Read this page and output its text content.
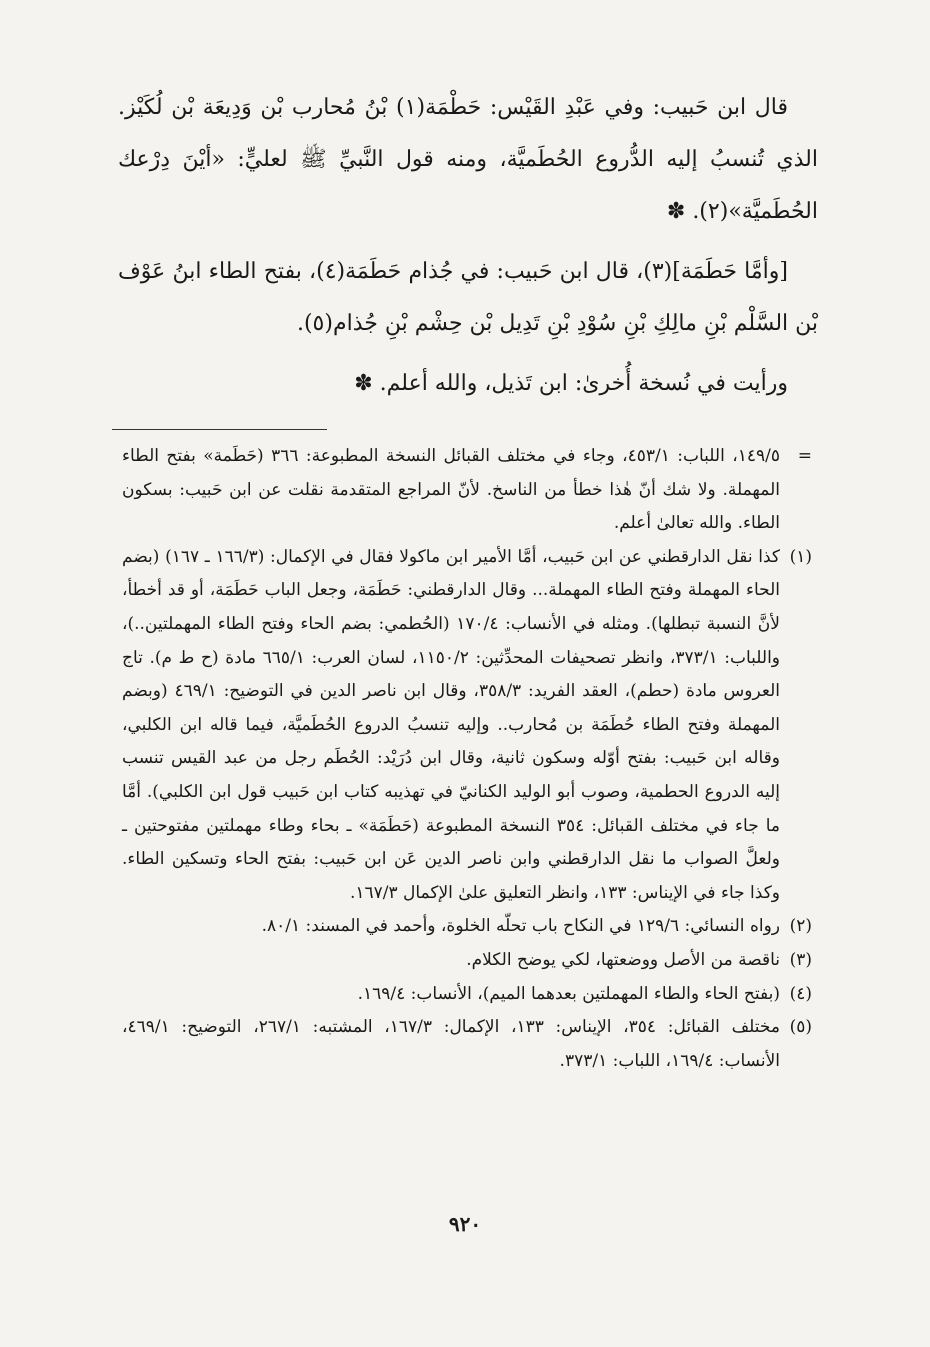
قال ابن حَبيب: وفي عَبْدِ القَيْس: حَطْمَة(١) بْنُ مُحارب بْن وَدِيعَة بْن لُكَيْز. الذي تُنسبُ إليه الدُّروع الحُطَميَّة، ومنه قول النَّبيِّ ﷺ لعليٍّ: «أيْنَ دِرْعك الحُطَميَّة»(٢). ✽

[وأمَّا حَطَمَة](٣)، قال ابن حَبيب: في جُذام حَطَمَة(٤)، بفتح الطاء ابنُ عَوْف بْن السَّلْم بْنِ مالِكِ بْنِ سُوْدِ بْنِ تَدِيل بْن حِشْم بْنِ جُذام(٥).

ورأيت في نُسخة أُخرىٰ: ابن تَذيل، والله أعلم. ✽

=
١٤٩/٥، اللباب: ٤٥٣/١، وجاء في مختلف القبائل النسخة المطبوعة: ٣٦٦ (حَطَمة» بفتح الطاء المهملة. ولا شك أنّ هٰذا خطأ من الناسخ. لأنّ المراجع المتقدمة نقلت عن ابن حَبيب: بسكون الطاء. والله تعالىٰ أعلم.
(١)
كذا نقل الدارقطني عن ابن حَبيب، أمَّا الأمير ابن ماكولا فقال في الإكمال: (١٦٦/٣ ـ ١٦٧) (بضم الحاء المهملة وفتح الطاء المهملة... وقال الدارقطني: حَطَمَة، وجعل الباب حَطَمَة، أو قد أخطأ، لأنَّ النسبة تبطلها). ومثله في الأنساب: ١٧٠/٤ (الحُطمي: بضم الحاء وفتح الطاء المهملتين..)، واللباب: ٣٧٣/١، وانظر تصحيفات المحدِّثين: ١١٥٠/٢، لسان العرب: ٦٦٥/١ مادة (ح ط م). تاج العروس مادة (حطم)، العقد الفريد: ٣٥٨/٣، وقال ابن ناصر الدين في التوضيح: ٤٦٩/١ (وبضم المهملة وفتح الطاء حُطَمَة بن مُحارب.. وإليه تنسبُ الدروع الحُطَميَّة، فيما قاله ابن الكلبي، وقاله ابن حَبيب: بفتح أوّله وسكون ثانية، وقال ابن دُرَيْد: الحُطَم رجل من عبد القيس تنسب إليه الدروع الحطمية، وصوب أبو الوليد الكنانيّ في تهذيبه كتاب ابن حَبيب قول ابن الكلبي). أمَّا ما جاء في مختلف القبائل: ٣٥٤ النسخة المطبوعة (حَطَمَة» ـ بحاء وطاء مهملتين مفتوحتين ـ ولعلَّ الصواب ما نقل الدارقطني وابن ناصر الدين عَن ابن حَبيب: بفتح الحاء وتسكين الطاء. وكذا جاء في الإيناس: ١٣٣، وانظر التعليق علىٰ الإكمال ١٦٧/٣.
(٢)
رواه النسائي: ١٢٩/٦ في النكاح باب تحلّه الخلوة، وأحمد في المسند: ٨٠/١.
(٣)
ناقصة من الأصل ووضعتها، لكي يوضح الكلام.
(٤)
(بفتح الحاء والطاء المهملتين بعدهما الميم)، الأنساب: ١٦٩/٤.
(٥)
مختلف القبائل: ٣٥٤، الإيناس: ١٣٣، الإكمال: ١٦٧/٣، المشتبه: ٢٦٧/١، التوضيح: ٤٦٩/١، الأنساب: ١٦٩/٤، اللباب: ٣٧٣/١.
٩٢٠
